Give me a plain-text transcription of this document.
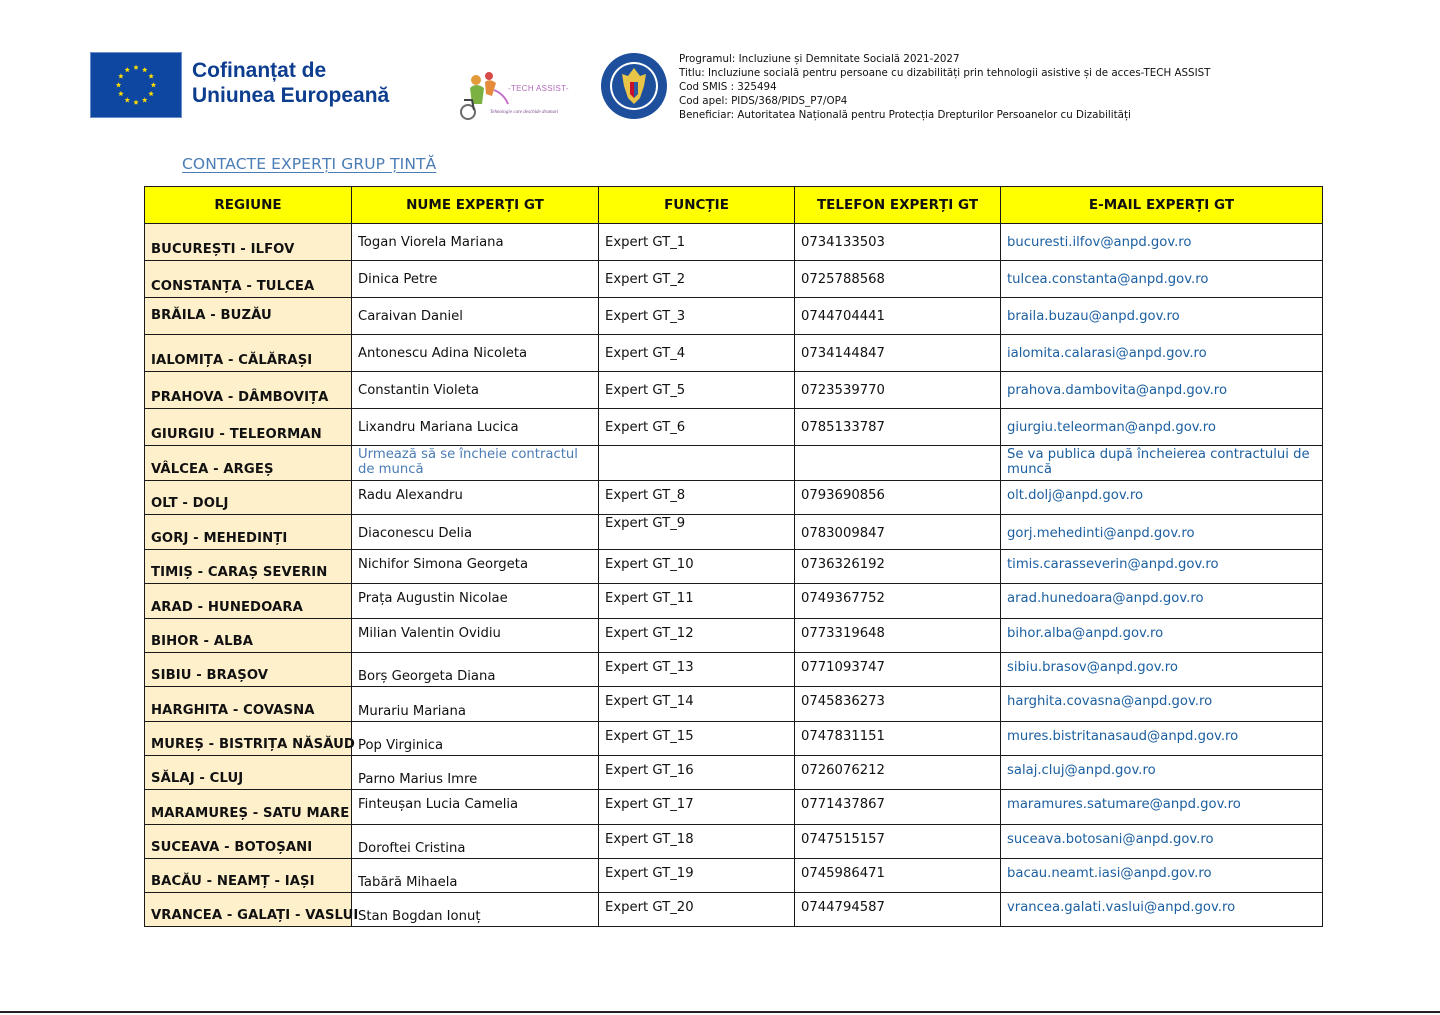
Cofinanțat de
Uniunea Europeană	-TECH ASSIST-
Tehnologie care deschide drumuri
Programul: Incluziune și Demnitate Socială 2021-2027
Titlu: Incluziune socială pentru persoane cu dizabilități prin tehnologii asistive și de acces-TECH ASSIST
Cod SMIS : 325494
Cod apel: PIDS/368/PIDS_P7/OP4
Beneficiar: Autoritatea Națională pentru Protecția Drepturilor Persoanelor cu Dizabilități
CONTACTE EXPERȚI GRUP ȚINTĂ
REGIUNE	NUME EXPERȚI GT	FUNCȚIE	TELEFON EXPERȚI GT	E-MAIL EXPERȚI GT
BUCUREȘTI - ILFOV	Togan Viorela Mariana	Expert GT_1	0734133503	bucuresti.ilfov@anpd.gov.ro
CONSTANȚA - TULCEA	Dinica Petre	Expert GT_2	0725788568	tulcea.constanta@anpd.gov.ro
BRĂILA - BUZĂU	Caraivan Daniel	Expert GT_3	0744704441	braila.buzau@anpd.gov.ro
IALOMIȚA - CĂLĂRAȘI	Antonescu Adina Nicoleta	Expert GT_4	0734144847	ialomita.calarasi@anpd.gov.ro
PRAHOVA - DÂMBOVIȚA	Constantin Violeta	Expert GT_5	0723539770	prahova.dambovita@anpd.gov.ro
GIURGIU - TELEORMAN	Lixandru Mariana Lucica	Expert GT_6	0785133787	giurgiu.teleorman@anpd.gov.ro
VÂLCEA - ARGEȘ	Urmează să se încheie contractul de muncă			Se va publica după încheierea contractului de muncă
OLT - DOLJ	Radu Alexandru	Expert GT_8	0793690856	olt.dolj@anpd.gov.ro
GORJ - MEHEDINȚI	Diaconescu Delia	Expert GT_9	0783009847	gorj.mehedinti@anpd.gov.ro
TIMIȘ - CARAȘ SEVERIN	Nichifor Simona Georgeta	Expert GT_10	0736326192	timis.carasseverin@anpd.gov.ro
ARAD - HUNEDOARA	Prața Augustin Nicolae	Expert GT_11	0749367752	arad.hunedoara@anpd.gov.ro
BIHOR - ALBA	Milian Valentin Ovidiu	Expert GT_12	0773319648	bihor.alba@anpd.gov.ro
SIBIU - BRAȘOV	Borș Georgeta Diana	Expert GT_13	0771093747	sibiu.brasov@anpd.gov.ro
HARGHITA - COVASNA	Murariu Mariana	Expert GT_14	0745836273	harghita.covasna@anpd.gov.ro
MUREȘ - BISTRIȚA NĂSĂUD	Pop Virginica	Expert GT_15	0747831151	mures.bistritanasaud@anpd.gov.ro
SĂLAJ - CLUJ	Parno Marius Imre	Expert GT_16	0726076212	salaj.cluj@anpd.gov.ro
MARAMUREȘ - SATU MARE	Finteușan Lucia Camelia	Expert GT_17	0771437867	maramures.satumare@anpd.gov.ro
SUCEAVA - BOTOȘANI	Doroftei Cristina	Expert GT_18	0747515157	suceava.botosani@anpd.gov.ro
BACĂU - NEAMȚ - IAȘI	Tabără Mihaela	Expert GT_19	0745986471	bacau.neamt.iasi@anpd.gov.ro
VRANCEA - GALAȚI - VASLUI	Stan Bogdan Ionuț	Expert GT_20	0744794587	vrancea.galati.vaslui@anpd.gov.ro
